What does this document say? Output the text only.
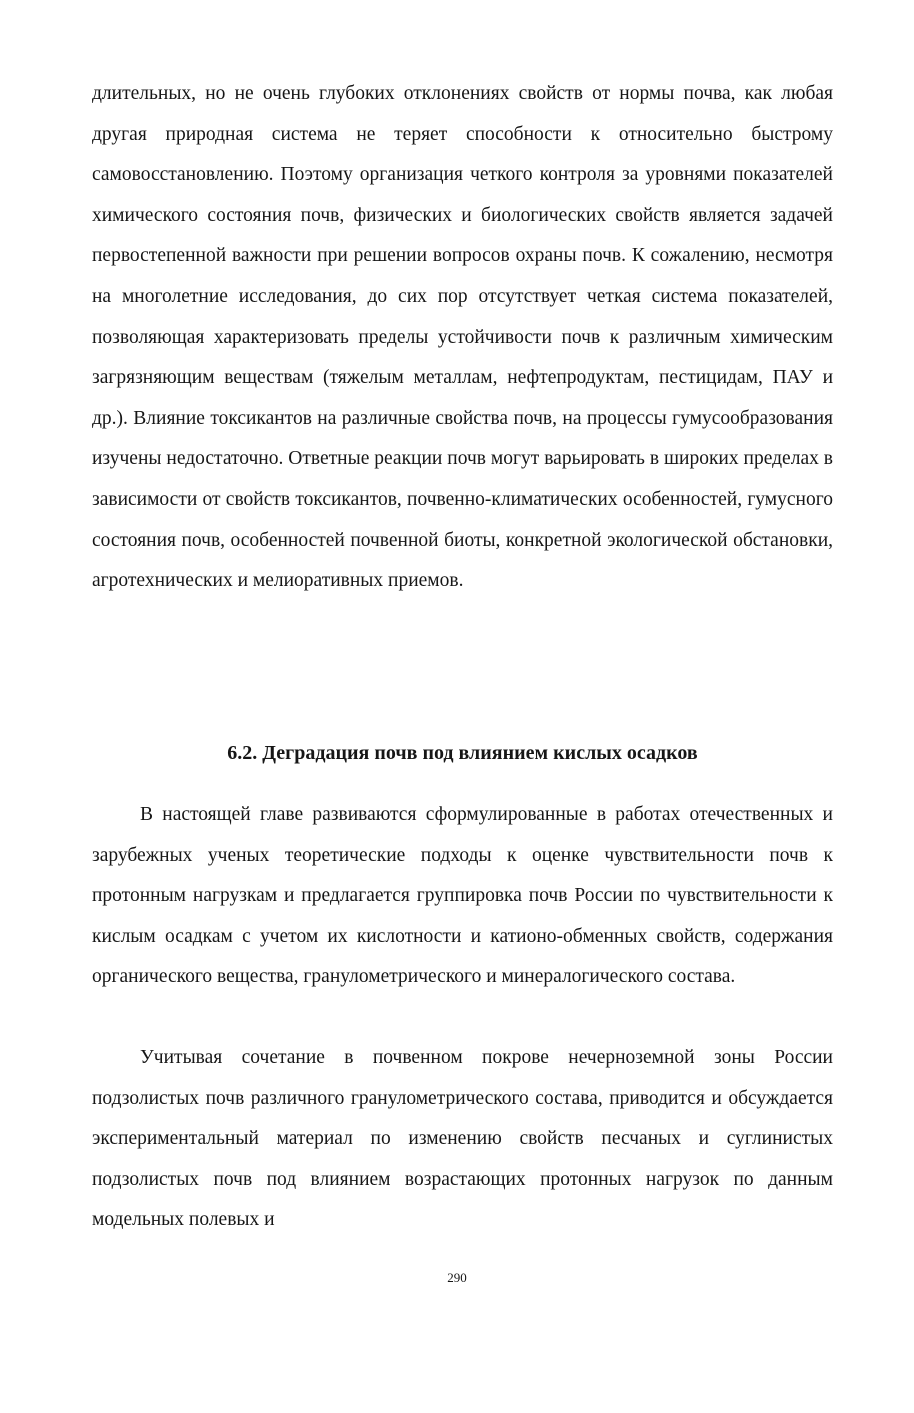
длительных, но не очень глубоких отклонениях свойств от нормы почва, как любая другая природная система не теряет способности к относительно быстрому самовосстановлению. Поэтому организация четкого контроля за уровнями показателей химического состояния почв, физических и биологических свойств является задачей первостепенной важности при решении вопросов охраны почв. К сожалению, несмотря на многолетние исследования, до сих пор отсутствует четкая система показателей, позволяющая характеризовать пределы устойчивости почв к различным химическим загрязняющим веществам (тяжелым металлам, нефтепродуктам, пестицидам, ПАУ и др.). Влияние токсикантов на различные свойства почв, на процессы гумусообразования изучены недостаточно. Ответные реакции почв могут варьировать в широких пределах в зависимости от свойств токсикантов, почвенно-климатических особенностей, гумусного состояния почв, особенностей почвенной биоты, конкретной экологической обстановки, агротехнических и мелиоративных приемов.

6.2. Деградация почв под влиянием кислых осадков

В настоящей главе развиваются сформулированные в работах отечественных и зарубежных ученых теоретические подходы к оценке чувствительности почв к протонным нагрузкам и предлагается группировка почв России по чувствительности к кислым осадкам с учетом их кислотности и катионо-обменных свойств, содержания органического вещества, гранулометрического и минералогического состава.

Учитывая сочетание в почвенном покрове нечерноземной зоны России подзолистых почв различного гранулометрического состава, приводится и обсуждается экспериментальный материал по изменению свойств песчаных и суглинистых подзолистых почв под влиянием возрастающих протонных нагрузок по данным модельных полевых и

290
